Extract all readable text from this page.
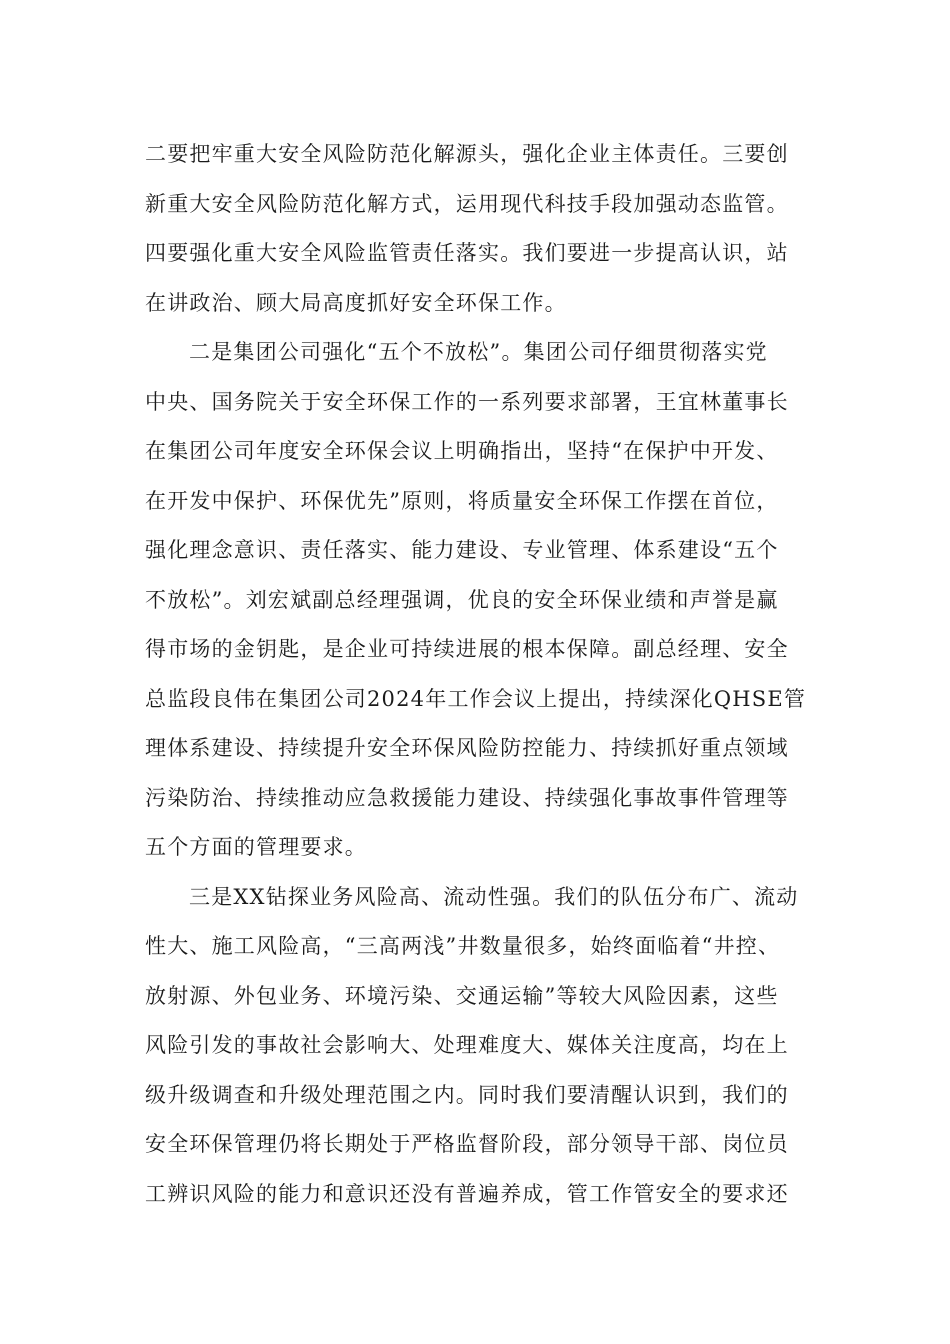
二要把牢重大安全风险防范化解源头，强化企业主体责任。三要创
新重大安全风险防范化解方式，运用现代科技手段加强动态监管。
四要强化重大安全风险监管责任落实。我们要进一步提高认识，站
在讲政治、顾大局高度抓好安全环保工作。
二是集团公司强化“五个不放松”。集团公司仔细贯彻落实党
中央、国务院关于安全环保工作的一系列要求部署，王宜林董事长
在集团公司年度安全环保会议上明确指出，坚持“在保护中开发、
在开发中保护、环保优先”原则，将质量安全环保工作摆在首位，
强化理念意识、责任落实、能力建设、专业管理、体系建设“五个
不放松”。刘宏斌副总经理强调，优良的安全环保业绩和声誉是赢
得市场的金钥匙，是企业可持续进展的根本保障。副总经理、安全
总监段良伟在集团公司2024年工作会议上提出，持续深化QHSE管
理体系建设、持续提升安全环保风险防控能力、持续抓好重点领域
污染防治、持续推动应急救援能力建设、持续强化事故事件管理等
五个方面的管理要求。
三是XX钻探业务风险高、流动性强。我们的队伍分布广、流动
性大、施工风险高，“三高两浅”井数量很多，始终面临着“井控、
放射源、外包业务、环境污染、交通运输”等较大风险因素，这些
风险引发的事故社会影响大、处理难度大、媒体关注度高，均在上
级升级调查和升级处理范围之内。同时我们要清醒认识到，我们的
安全环保管理仍将长期处于严格监督阶段，部分领导干部、岗位员
工辨识风险的能力和意识还没有普遍养成，管工作管安全的要求还
